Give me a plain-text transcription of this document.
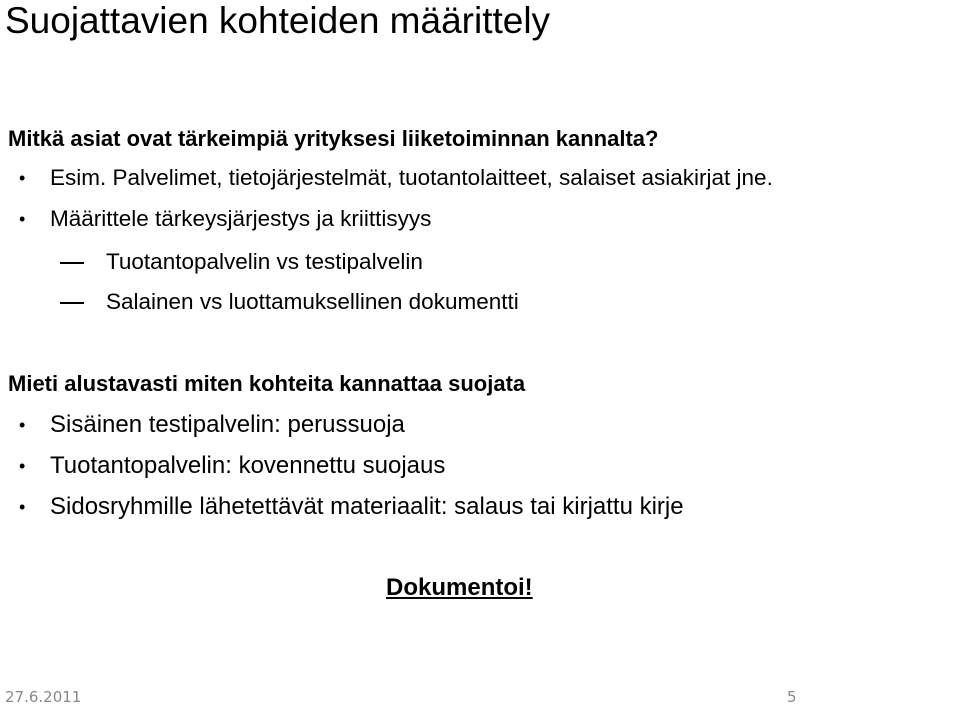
Suojattavien kohteiden määrittely
Mitkä asiat ovat tärkeimpiä yrityksesi liiketoiminnan kannalta?
• Esim. Palvelimet, tietojärjestelmät, tuotantolaitteet, salaiset asiakirjat jne.
• Määrittele tärkeysjärjestys ja kriittisyys
Tuotantopalvelin vs testipalvelin
Salainen vs luottamuksellinen dokumentti
Mieti alustavasti miten kohteita kannattaa suojata
• Sisäinen testipalvelin: perussuoja
• Tuotantopalvelin: kovennettu suojaus
• Sidosryhmille lähetettävät materiaalit: salaus tai kirjattu kirje
Dokumentoi!
27.6.2011	5
